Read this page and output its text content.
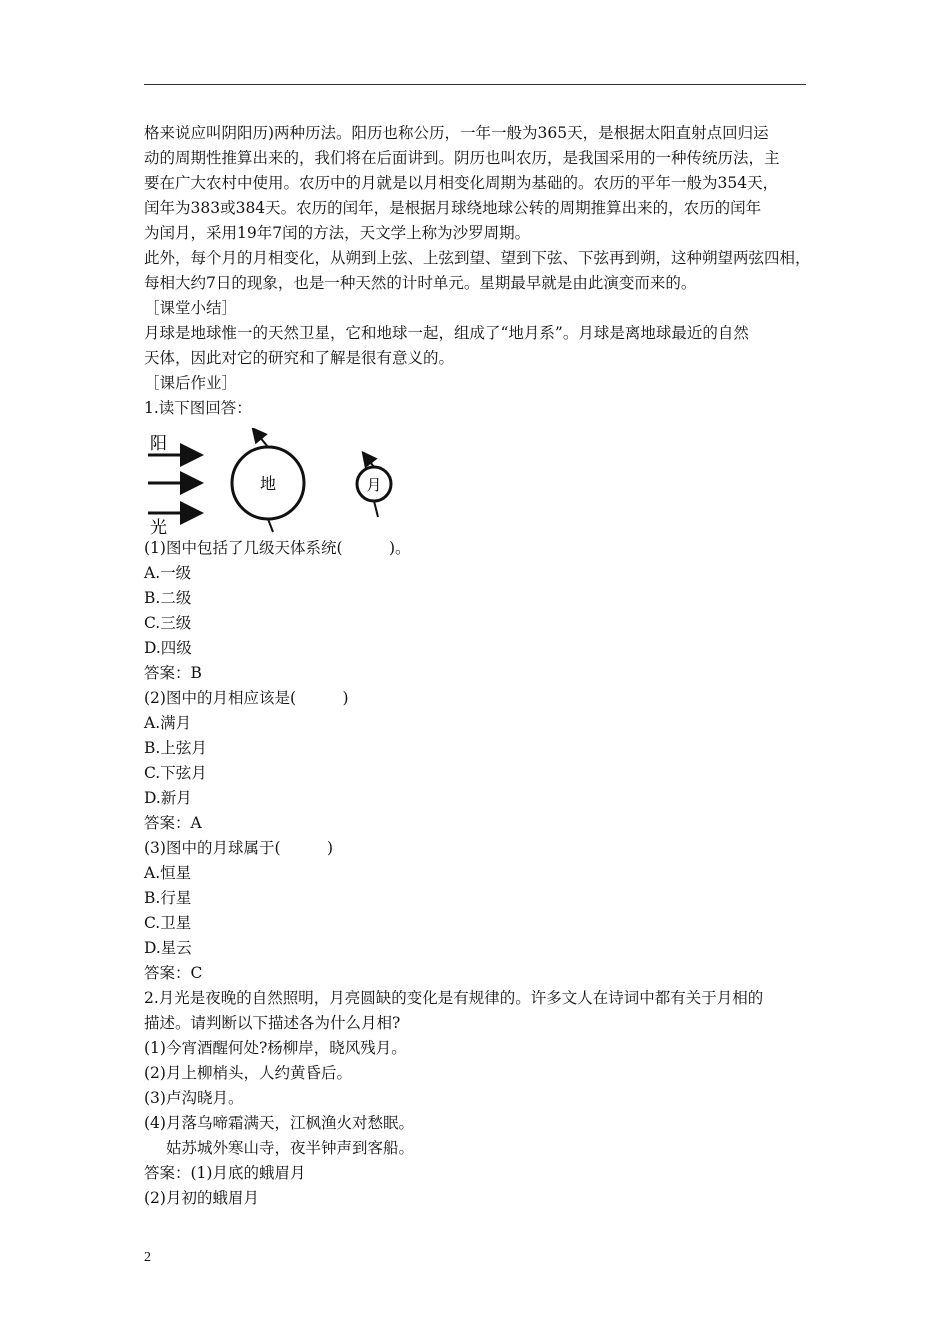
格来说应叫阴阳历)两种历法。阳历也称公历，一年一般为365天，是根据太阳直射点回归运
动的周期性推算出来的，我们将在后面讲到。阴历也叫农历，是我国采用的一种传统历法，主
要在广大农村中使用。农历中的月就是以月相变化周期为基础的。农历的平年一般为354天，
闰年为383或384天。农历的闰年，是根据月球绕地球公转的周期推算出来的，农历的闰年
为闰月，采用19年7闰的方法，天文学上称为沙罗周期。
此外，每个月的月相变化，从朔到上弦、上弦到望、望到下弦、下弦再到朔，这种朔望两弦四相，
每相大约7日的现象，也是一种天然的计时单元。星期最早就是由此演变而来的。
［课堂小结］
月球是地球惟一的天然卫星，它和地球一起，组成了“地月系”。月球是离地球最近的自然
天体，因此对它的研究和了解是很有意义的。
［课后作业］
1.读下图回答：
阳
光
地	月
(1)图中包括了几级天体系统(　　　)。
A.一级
B.二级
C.三级
D.四级
答案：B
(2)图中的月相应该是(　　　)
A.满月
B.上弦月
C.下弦月
D.新月
答案：A
(3)图中的月球属于(　　　)
A.恒星
B.行星
C.卫星
D.星云
答案：C
2.月光是夜晚的自然照明，月亮圆缺的变化是有规律的。许多文人在诗词中都有关于月相的
描述。请判断以下描述各为什么月相?
(1)今宵酒醒何处?杨柳岸，晓风残月。
(2)月上柳梢头，人约黄昏后。
(3)卢沟晓月。
(4)月落乌啼霜满天，江枫渔火对愁眠。
姑苏城外寒山寺，夜半钟声到客船。
答案：(1)月底的蛾眉月
(2)月初的蛾眉月
2
